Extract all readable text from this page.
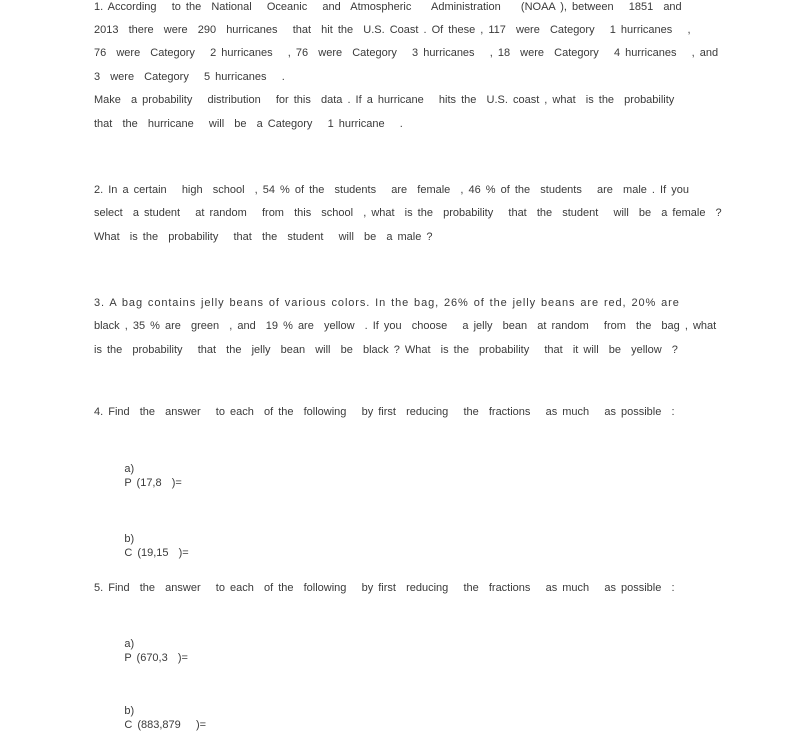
1. According   to the  National   Oceanic   and  Atmospheric    Administration    (NOAA ), between   1851  and
2013  there  were  290  hurricanes   that  hit the  U.S. Coast . Of these , 117  were  Category   1 hurricanes   ,
76  were  Category   2 hurricanes   , 76  were  Category   3 hurricanes   , 18  were  Category   4 hurricanes   , and
3  were  Category   5 hurricanes   .
Make  a probability   distribution   for this  data . If a hurricane   hits the  U.S. coast , what  is the  probability
that  the  hurricane   will  be  a Category   1 hurricane   .
2. In a certain   high  school  , 54 % of the  students   are  female  , 46 % of the  students   are  male . If you
select  a student   at random   from  this  school  , what  is the  probability   that  the  student   will  be  a female  ?
What  is the  probability   that  the  student   will  be  a male ?
3. A bag contains jelly beans of various colors. In the bag, 26% of the jelly beans are red, 20% are
black , 35 % are  green  , and  19 % are  yellow  . If you  choose   a jelly  bean  at random   from  the  bag , what
is the  probability   that  the  jelly  bean  will  be  black ? What  is the  probability   that  it will  be  yellow  ?
4. Find  the  answer   to each  of the  following   by first  reducing   the  fractions   as much   as possible  :

a)
P (17,8  )=

b)
C (19,15  )=

5. Find  the  answer   to each  of the  following   by first  reducing   the  fractions   as much   as possible  :

a)
P (670,3  )=

b)
C (883,879   )=
